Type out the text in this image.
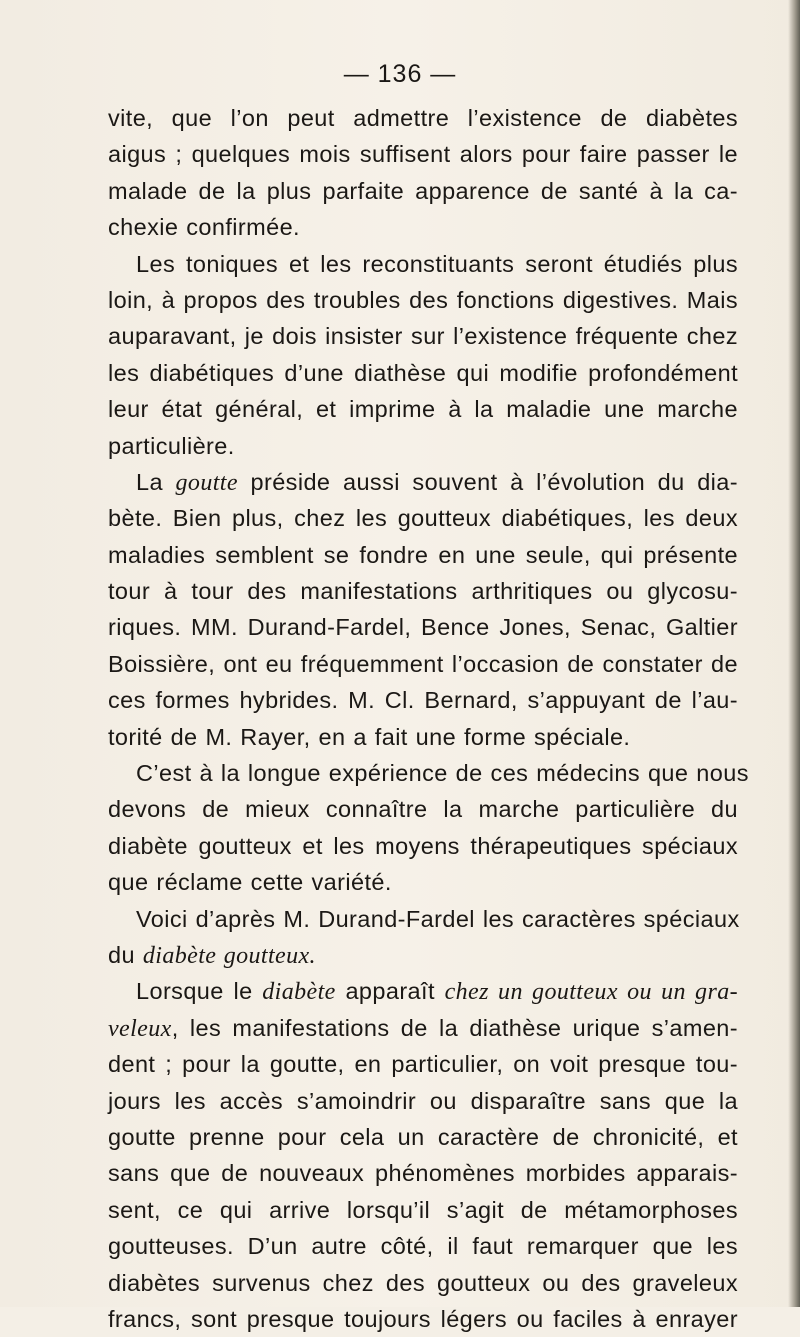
— 136 —
vite, que l’on peut admettre l’existence de diabètes
aigus ; quelques mois suffisent alors pour faire passer le
malade de la plus parfaite apparence de santé à la ca-
chexie confirmée.
Les toniques et les reconstituants seront étudiés plus
loin, à propos des troubles des fonctions digestives. Mais
auparavant, je dois insister sur l’existence fréquente chez
les diabétiques d’une diathèse qui modifie profondément
leur état général, et imprime à la maladie une marche
particulière.
La goutte préside aussi souvent à l’évolution du dia-
bète. Bien plus, chez les goutteux diabétiques, les deux
maladies semblent se fondre en une seule, qui présente
tour à tour des manifestations arthritiques ou glycosu-
riques. MM. Durand-Fardel, Bence Jones, Senac, Galtier
Boissière, ont eu fréquemment l’occasion de constater de
ces formes hybrides. M. Cl. Bernard, s’appuyant de l’au-
torité de M. Rayer, en a fait une forme spéciale.
C’est à la longue expérience de ces médecins que nous
devons de mieux connaître la marche particulière du
diabète goutteux et les moyens thérapeutiques spéciaux
que réclame cette variété.
Voici d’après M. Durand-Fardel les caractères spéciaux
du diabète goutteux.
Lorsque le diabète apparaît chez un goutteux ou un gra-
veleux, les manifestations de la diathèse urique s’amen-
dent ; pour la goutte, en particulier, on voit presque tou-
jours les accès s’amoindrir ou disparaître sans que la
goutte prenne pour cela un caractère de chronicité, et
sans que de nouveaux phénomènes morbides apparais-
sent, ce qui arrive lorsqu’il s’agit de métamorphoses
goutteuses. D’un autre côté, il faut remarquer que les
diabètes survenus chez des goutteux ou des graveleux
francs, sont presque toujours légers ou faciles à enrayer
